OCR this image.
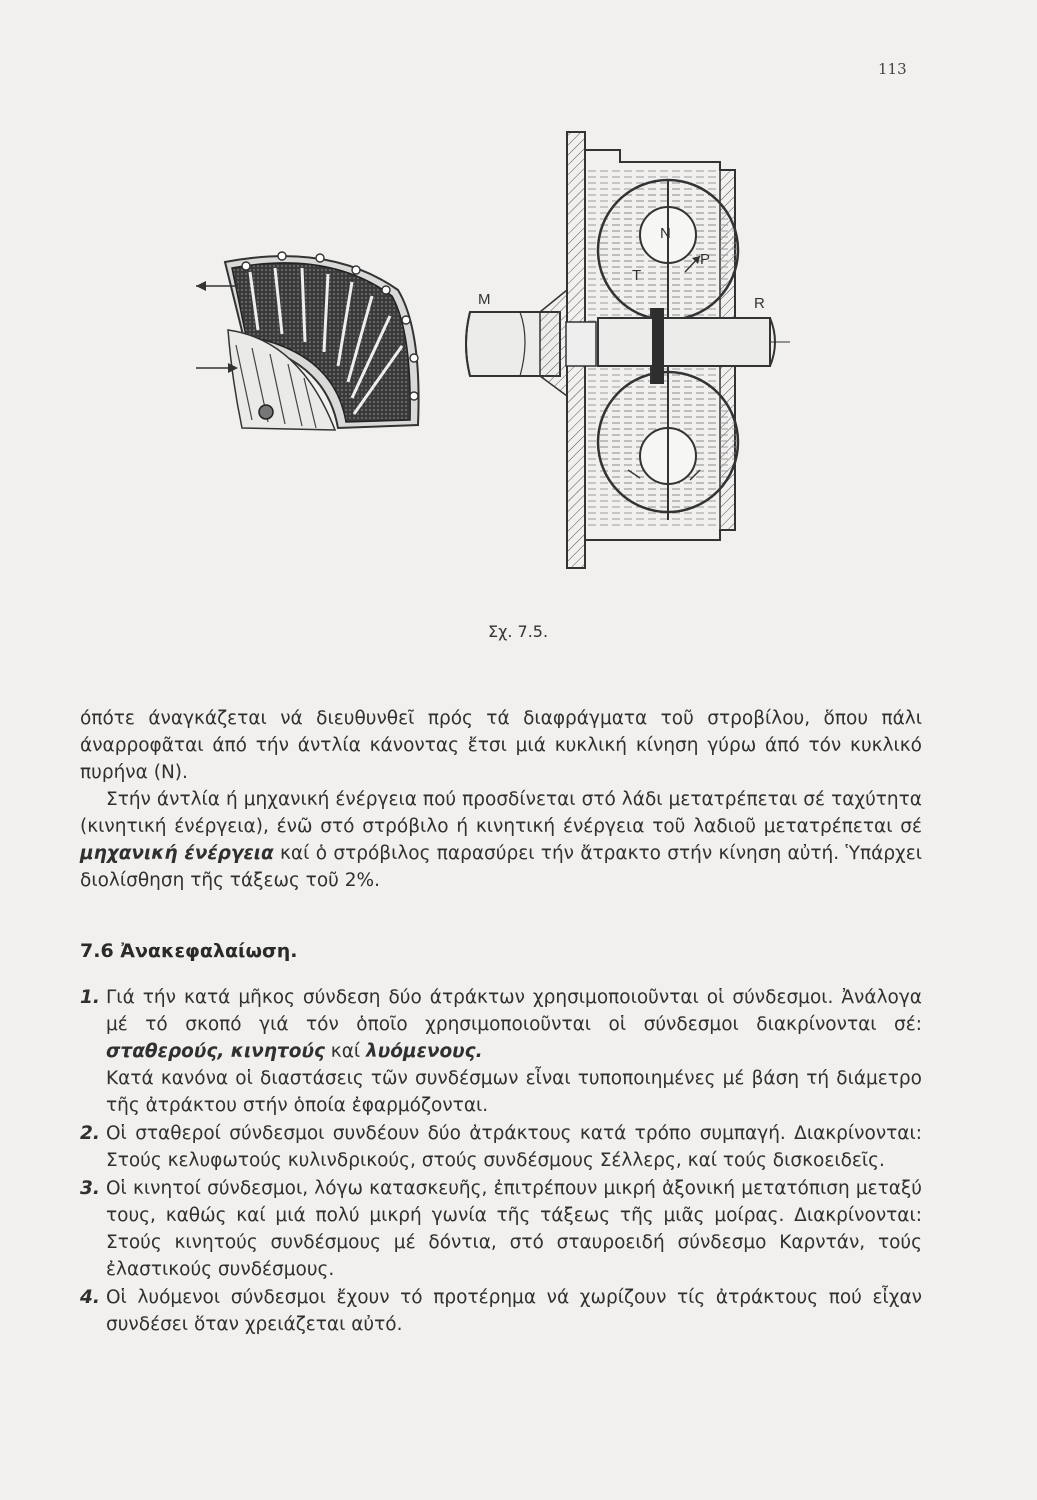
113
N
T
P
M	R
Σχ. 7.5.

όπότε άναγκάζεται νά διευθυνθεῖ πρός τά διαφράγματα τοῦ στροβίλου, ὅπου πάλι άναρροφᾶται άπό τήν άντλία κάνοντας ἔτσι μιά κυκλική κίνηση γύρω άπό τόν κυκλικό πυρήνα (Ν).

Στήν άντλία ή μηχανική ένέργεια πού προσδίνεται στό λάδι μετατρέπεται σέ ταχύτητα (κινητική ένέργεια), ένῶ στό στρόβιλο ή κινητική ένέργεια τοῦ λαδιοῦ μετατρέπεται σέ μηχανική ένέργεια καί ὁ στρόβιλος παρασύρει τήν ἄτρακτο στήν κίνηση αὐτή. Ὑπάρχει διολίσθηση τῆς τάξεως τοῦ 2%.

7.6 Ἀνακεφαλαίωση.
1. Γιά τήν κατά μῆκος σύνδεση δύο άτράκτων χρησιμοποιοῦνται οἱ σύνδεσμοι. Ἀνάλογα μέ τό σκοπό γιά τόν ὁποῖο χρησιμοποιοῦνται οἱ σύνδεσμοι διακρίνονται σέ: σταθερούς, κινητούς καί λυόμενους.
Κατά κανόνα οἱ διαστάσεις τῶν συνδέσμων εἶναι τυποποιημένες μέ βάση τή διάμετρο τῆς ἀτράκτου στήν ὁποία ἐφαρμόζονται.
2. Οἱ σταθεροί σύνδεσμοι συνδέουν δύο ἀτράκτους κατά τρόπο συμπαγή. Διακρίνονται: Στούς κελυφωτούς κυλινδρικούς, στούς συνδέσμους Σέλλερς, καί τούς δισκοειδεῖς.
3. Οἱ κινητοί σύνδεσμοι, λόγω κατασκευῆς, ἐπιτρέπουν μικρή ἀξονική μετατόπιση μεταξύ τους, καθώς καί μιά πολύ μικρή γωνία τῆς τάξεως τῆς μιᾶς μοίρας. Διακρίνονται: Στούς κινητούς συνδέσμους μέ δόντια, στό σταυροειδή σύνδεσμο Καρντάν, τούς ἐλαστικούς συνδέσμους.
4. Οἱ λυόμενοι σύνδεσμοι ἔχουν τό προτέρημα νά χωρίζουν τίς ἀτράκτους πού εἶχαν συνδέσει ὅταν χρειάζεται αὐτό.
